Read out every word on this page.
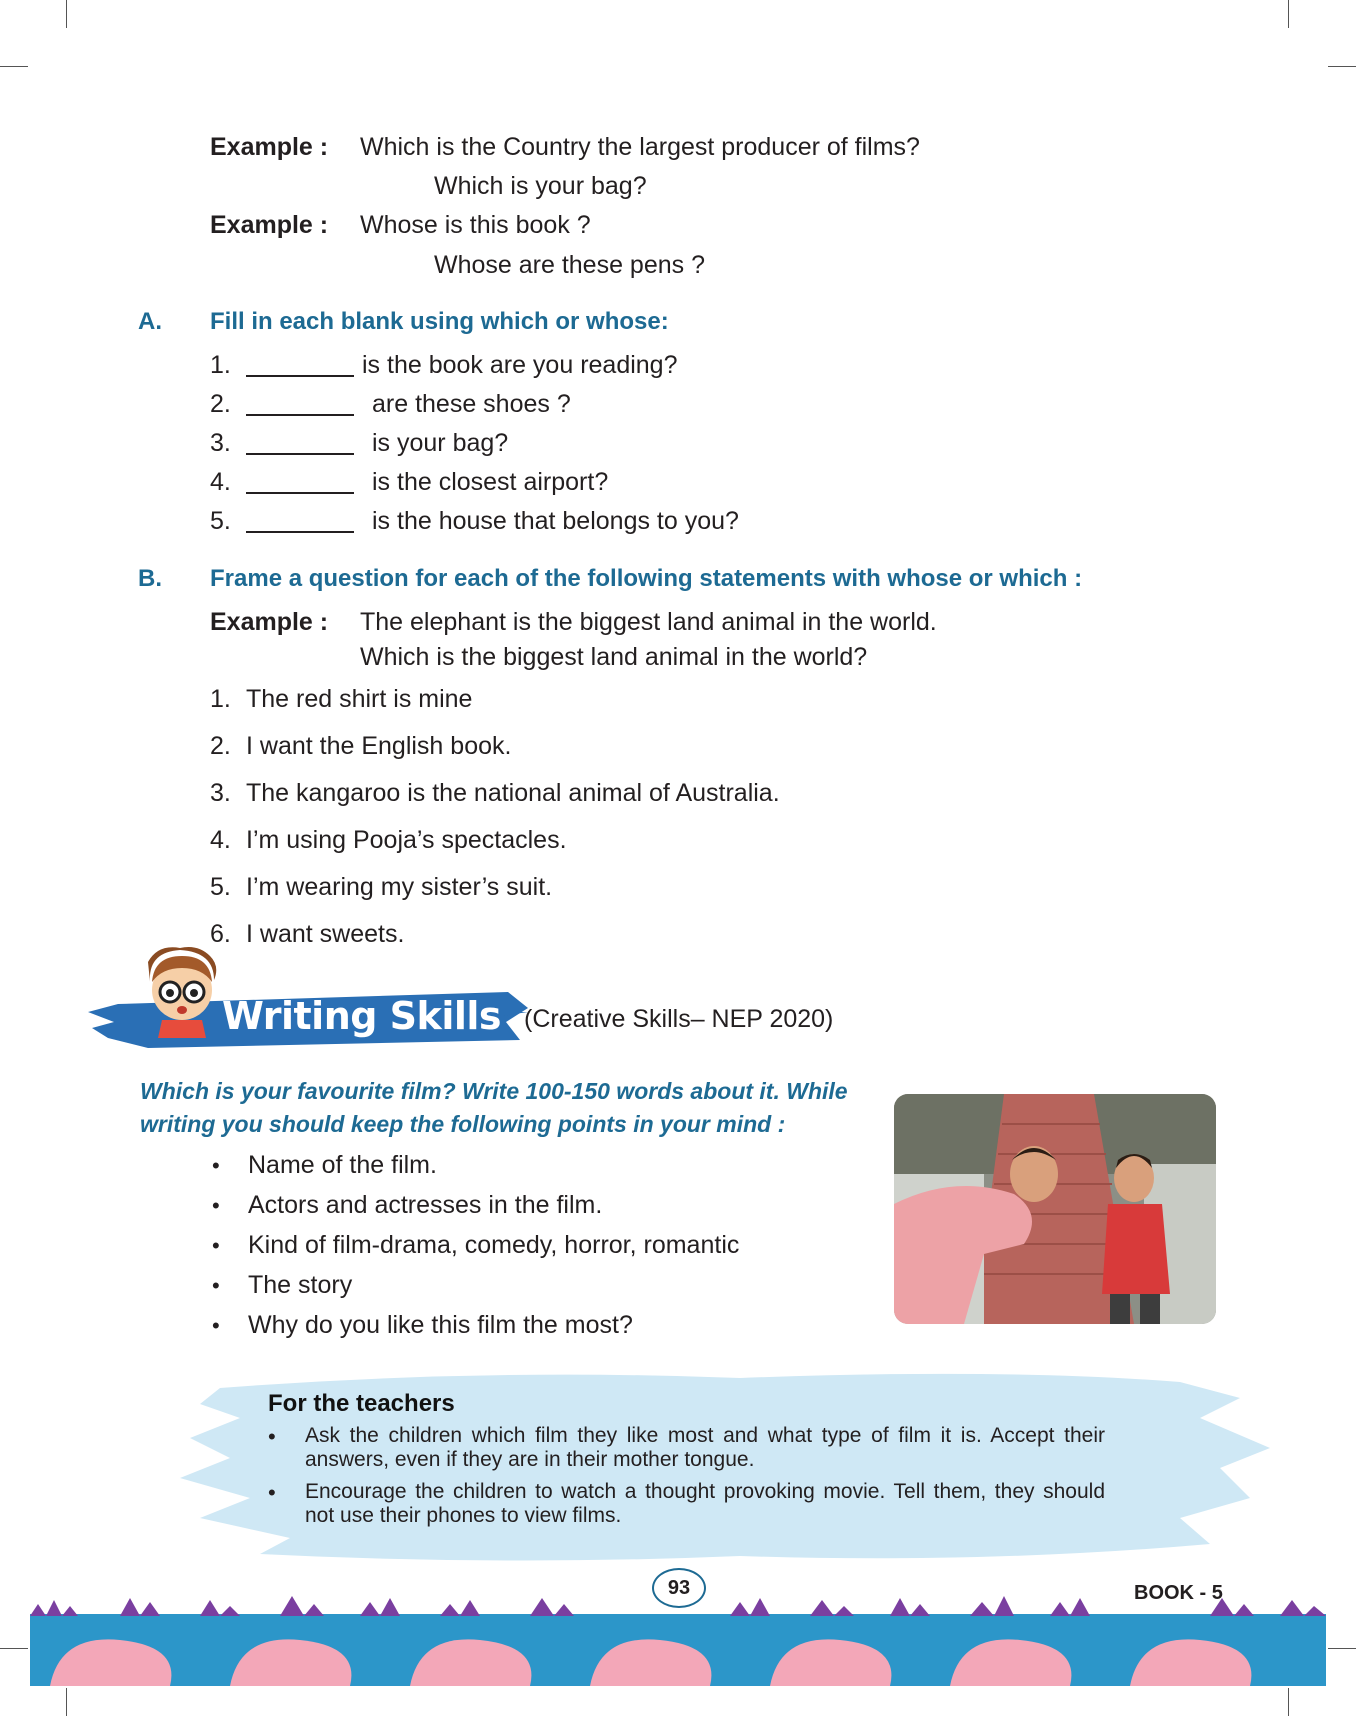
Example : Which is the Country the largest producer of films?
Which is your bag?
Example : Whose is this book ?
Whose are these pens ?
A. Fill in each blank using which or whose:
1.	is the book are you reading?
2.	are these shoes ?
3.	is your bag?
4.	is the closest airport?
5.	is the house that belongs to you?
B. Frame a question for each of the following statements with whose or which :
Example : The elephant is the biggest land animal in the world.
Which is the biggest land animal in the world?
1. The red shirt is mine
2. I want the English book.
3. The kangaroo is the national animal of Australia.
4. I’m using Pooja’s spectacles.
5. I’m wearing my sister’s suit.
6. I want sweets.
Writing Skills (Creative Skills– NEP 2020)
Which is your favourite film? Write 100-150 words about it. While
writing you should keep the following points in your mind :
• Name of the film.
• Actors and actresses in the film.
• Kind of film-drama, comedy, horror, romantic
• The story
• Why do you like this film the most?
For the teachers
• Ask the children which film they like most and what type of film it is. Accept their answers, even if they are in their mother tongue.
• Encourage the children to watch a thought provoking movie. Tell them, they should not use their phones to view films.
93	BOOK - 5
